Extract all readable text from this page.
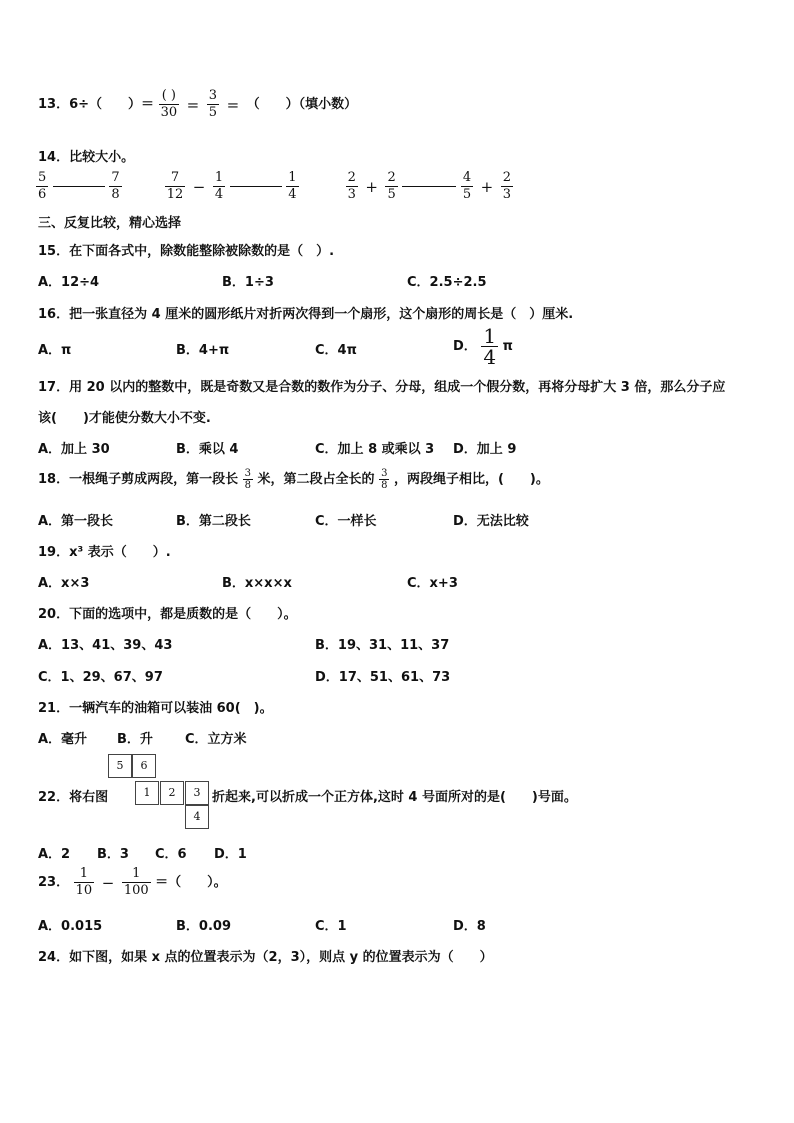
13．6÷（　　）＝ $\frac{( )}{30} = \frac{3}{5}$ = （　　）（填小数）
14．比较大小。
$\frac{5}{6}$
	$\frac{7}{8}$
	$\frac{7}{12} - \frac{1}{4}$
	$\frac{1}{4}$
	$\frac{2}{3} + \frac{2}{5}$
	$\frac{4}{5} + \frac{2}{3}$
三、反复比较，精心选择
15．在下面各式中，除数能整除被除数的是（　）.
A．12÷4	B．1÷3	C．2.5÷2.5
16．把一张直径为 4 厘米的圆形纸片对折两次得到一个扇形，这个扇形的周长是（　）厘米.
A．π	B．4+π	C．4π	D． $\frac{1}{4}$ π
17．用 20 以内的整数中，既是奇数又是合数的数作为分子、分母，组成一个假分数，再将分母扩大 3 倍，那么分子应
该(　　)才能使分数大小不变.
A．加上 30	B．乘以 4	C．加上 8 或乘以 3 D．加上 9
18．一根绳子剪成两段，第一段长 $\frac{3}{8}$ 米，第二段占全长的 $\frac{3}{8}$ ，两段绳子相比，(　　)。
A．第一段长	B．第二段长	C．一样长	D．无法比较
19．x³ 表示（　　）.
A．x×3	B．x×x×x	C．x+3
20．下面的选项中，都是质数的是（　　）。
A．13、41、39、43	B．19、31、11、37
C．1、29、67、97	D．17、51、61、73
21．一辆汽车的油箱可以装油 60(　)。
A．毫升 B．升 C．立方米
22．将右图
5	6
1	2	3
4
折起来,可以折成一个正方体,这时 4 号面所对的是(　　)号面。
A．2 B．3 C．6 D．1
23． $\frac{1}{10} - \frac{1}{100}$ ＝（　　）。
A．0.015	B．0.09	C．1	D．8
24．如下图，如果 x 点的位置表示为（2，3），则点 y 的位置表示为（　　）
